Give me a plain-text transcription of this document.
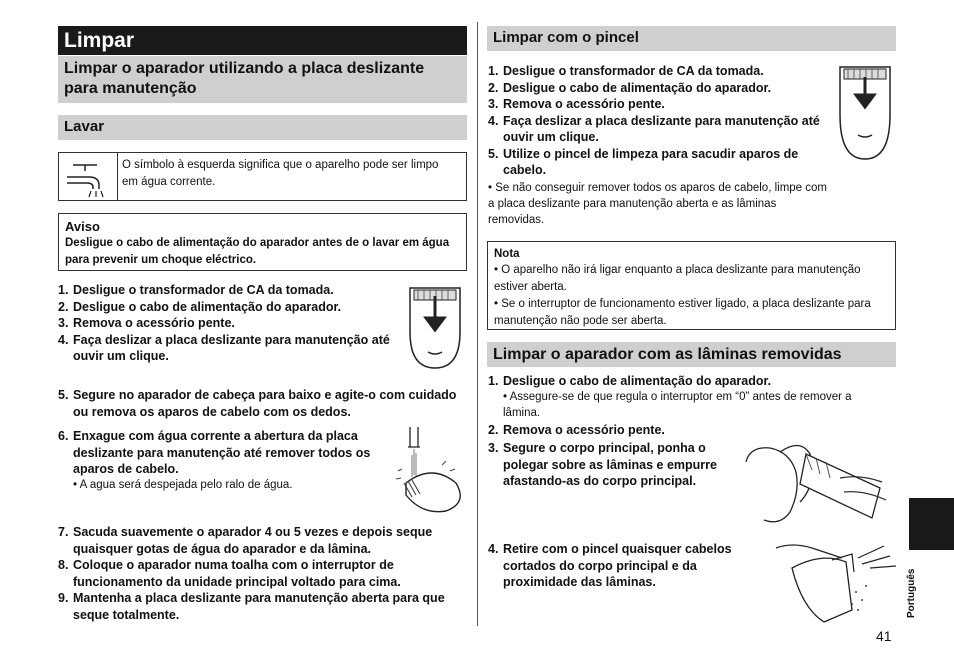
Limpar
Limpar o aparador utilizando a placa deslizante para manutenção
Lavar
O símbolo à esquerda significa que o aparelho pode ser limpo em água corrente.
Aviso
Desligue o cabo de alimentação do aparador antes de o lavar em água para prevenir um choque eléctrico.
1. Desligue o transformador de CA da tomada.
2. Desligue o cabo de alimentação do aparador.
3. Remova o acessório pente.
4. Faça deslizar a placa deslizante para manutenção até ouvir um clique.
5. Segure no aparador de cabeça para baixo e agite-o com cuidado ou remova os aparos de cabelo com os dedos.
6. Enxague com água corrente a abertura da placa deslizante para manutenção até remover todos os aparos de cabelo.
• A agua será despejada pelo ralo de água.
7. Sacuda suavemente o aparador 4 ou 5 vezes e depois seque quaisquer gotas de água do aparador e da lâmina.
8. Coloque o aparador numa toalha com o interruptor de funcionamento da unidade principal voltado para cima.
9. Mantenha a placa deslizante para manutenção aberta para que seque totalmente.
Limpar com o pincel
1. Desligue o transformador de CA da tomada.
2. Desligue o cabo de alimentação do aparador.
3. Remova o acessório pente.
4. Faça deslizar a placa deslizante para manutenção até ouvir um clique.
5. Utilize o pincel de limpeza para sacudir aparos de cabelo.
• Se não conseguir remover todos os aparos de cabelo, limpe com a placa deslizante para manutenção aberta e as lâminas removidas.
Nota
• O aparelho não irá ligar enquanto a placa deslizante para manutenção estiver aberta.
• Se o interruptor de funcionamento estiver ligado, a placa deslizante para manutenção não pode ser aberta.
Limpar o aparador com as lâminas removidas
1. Desligue o cabo de alimentação do aparador.
• Assegure-se de que regula o interruptor em “0” antes de remover a lâmina.
2. Remova o acessório pente.
3. Segure o corpo principal, ponha o polegar sobre as lâminas e empurre afastando-as do corpo principal.
4. Retire com o pincel quaisquer cabelos cortados do corpo principal e da proximidade das lâminas.	Português
41
